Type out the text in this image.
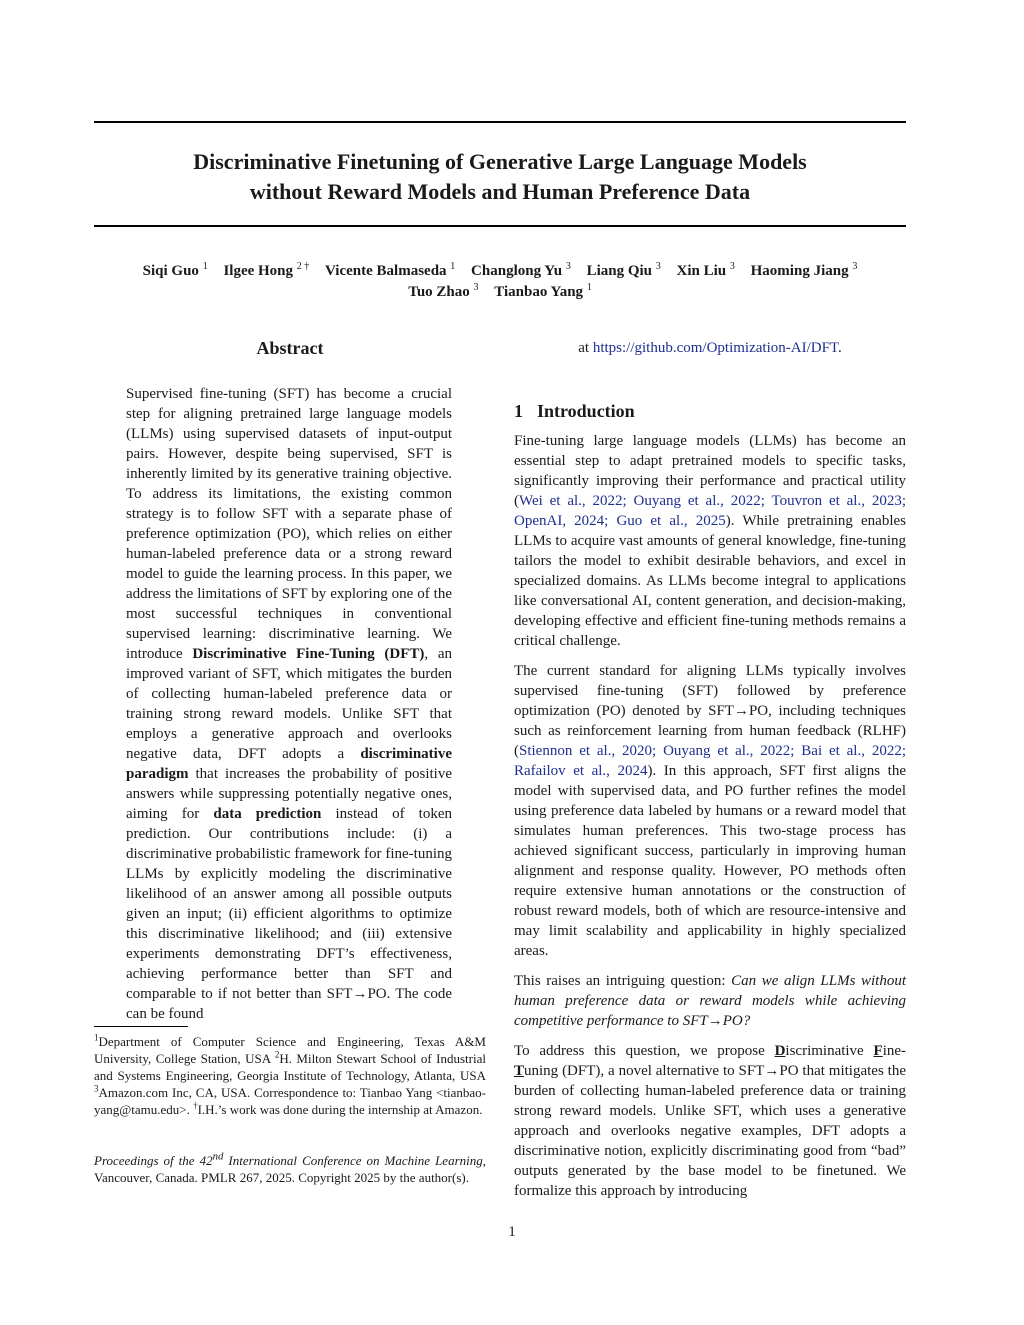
Discriminative Finetuning of Generative Large Language Models
without Reward Models and Human Preference Data
Siqi Guo $^1$ Ilgee Hong $^{2 \dagger}$ Vicente Balmaseda $^1$ Changlong Yu $^3$ Liang Qiu $^3$ Xin Liu $^3$ Haoming Jiang $^3$
Tuo Zhao $^3$ Tianbao Yang $^1$
Abstract
Supervised fine-tuning (SFT) has become a crucial step for aligning pretrained large language models (LLMs) using supervised datasets of input-output pairs. However, despite being supervised, SFT is inherently limited by its generative training objective. To address its limitations, the existing common strategy is to follow SFT with a separate phase of preference optimization (PO), which relies on either human-labeled preference data or a strong reward model to guide the learning process. In this paper, we address the limitations of SFT by exploring one of the most successful techniques in conventional supervised learning: discriminative learning. We introduce Discriminative Fine-Tuning (DFT), an improved variant of SFT, which mitigates the burden of collecting human-labeled preference data or training strong reward models. Unlike SFT that employs a generative approach and overlooks negative data, DFT adopts a discriminative paradigm that increases the probability of positive answers while suppressing potentially negative ones, aiming for data prediction instead of token prediction. Our contributions include: (i) a discriminative probabilistic framework for fine-tuning LLMs by explicitly modeling the discriminative likelihood of an answer among all possible outputs given an input; (ii) efficient algorithms to optimize this discriminative likelihood; and (iii) extensive experiments demonstrating DFT’s effectiveness, achieving performance better than SFT and comparable to if not better than SFT→PO. The code can be found
at https://github.com/Optimization-AI/DFT.
1 Introduction

Fine-tuning large language models (LLMs) has become an essential step to adapt pretrained models to specific tasks, significantly improving their performance and practical utility (Wei et al., 2022; Ouyang et al., 2022; Touvron et al., 2023; OpenAI, 2024; Guo et al., 2025). While pretraining enables LLMs to acquire vast amounts of general knowledge, fine-tuning tailors the model to exhibit desirable behaviors, and excel in specialized domains. As LLMs become integral to applications like conversational AI, content generation, and decision-making, developing effective and efficient fine-tuning methods remains a critical challenge.

The current standard for aligning LLMs typically involves supervised fine-tuning (SFT) followed by preference optimization (PO) denoted by SFT→PO, including techniques such as reinforcement learning from human feedback (RLHF) (Stiennon et al., 2020; Ouyang et al., 2022; Bai et al., 2022; Rafailov et al., 2024). In this approach, SFT first aligns the model with supervised data, and PO further refines the model using preference data labeled by humans or a reward model that simulates human preferences. This two-stage process has achieved significant success, particularly in improving human alignment and response quality. However, PO methods often require extensive human annotations or the construction of robust reward models, both of which are resource-intensive and may limit scalability and applicability in highly specialized areas.

This raises an intriguing question: Can we align LLMs without human preference data or reward models while achieving competitive performance to SFT→PO?

To address this question, we propose Discriminative Fine-Tuning (DFT), a novel alternative to SFT→PO that mitigates the burden of collecting human-labeled preference data or training strong reward models. Unlike SFT, which uses a generative approach and overlooks negative examples, DFT adopts a discriminative notion, explicitly discriminating good from “bad” outputs generated by the base model to be finetuned. We formalize this approach by introducing

$^1$Department of Computer Science and Engineering, Texas A&M University, College Station, USA $^2$H. Milton Stewart School of Industrial and Systems Engineering, Georgia Institute of Technology, Atlanta, USA $^3$Amazon.com Inc, CA, USA. Correspondence to: Tianbao Yang <tianbao-yang@tamu.edu>. †I.H.’s work was done during the internship at Amazon.
Proceedings of the 42nd International Conference on Machine Learning, Vancouver, Canada. PMLR 267, 2025. Copyright 2025 by the author(s).
1
